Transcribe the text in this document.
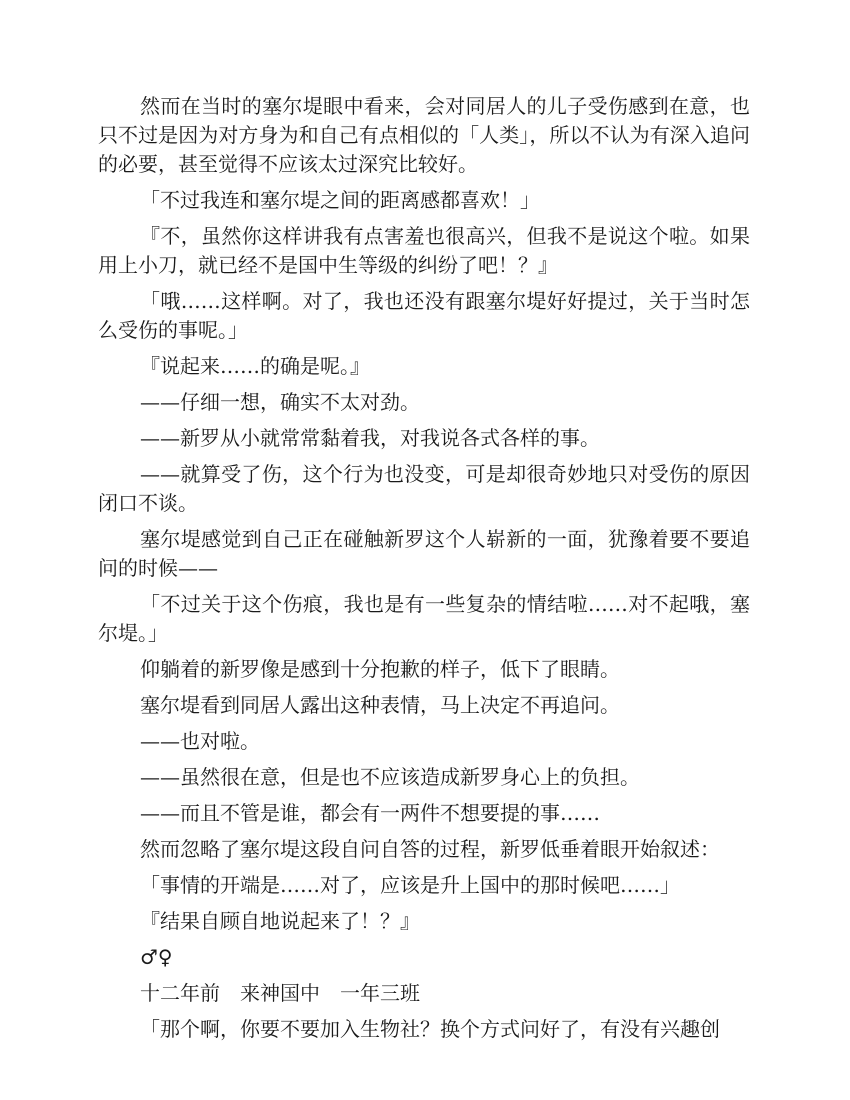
然而在当时的塞尔堤眼中看来，会对同居人的儿子受伤感到在意，也只不过是因为对方身为和自己有点相似的「人类」，所以不认为有深入追问的必要，甚至觉得不应该太过深究比较好。

「不过我连和塞尔堤之间的距离感都喜欢！」

『不，虽然你这样讲我有点害羞也很高兴，但我不是说这个啦。如果用上小刀，就已经不是国中生等级的纠纷了吧！？』

「哦……这样啊。对了，我也还没有跟塞尔堤好好提过，关于当时怎么受伤的事呢。」

『说起来……的确是呢。』

——仔细一想，确实不太对劲。

——新罗从小就常常黏着我，对我说各式各样的事。

——就算受了伤，这个行为也没变，可是却很奇妙地只对受伤的原因闭口不谈。

塞尔堤感觉到自己正在碰触新罗这个人崭新的一面，犹豫着要不要追问的时候——

「不过关于这个伤痕，我也是有一些复杂的情结啦……对不起哦，塞尔堤。」

仰躺着的新罗像是感到十分抱歉的样子，低下了眼睛。

塞尔堤看到同居人露出这种表情，马上决定不再追问。

——也对啦。

——虽然很在意，但是也不应该造成新罗身心上的负担。

——而且不管是谁，都会有一两件不想要提的事……

然而忽略了塞尔堤这段自问自答的过程，新罗低垂着眼开始叙述：

「事情的开端是……对了，应该是升上国中的那时候吧……」

『结果自顾自地说起来了！？』

♂♀

十二年前　来神国中　一年三班

「那个啊，你要不要加入生物社？换个方式问好了，有没有兴趣创
